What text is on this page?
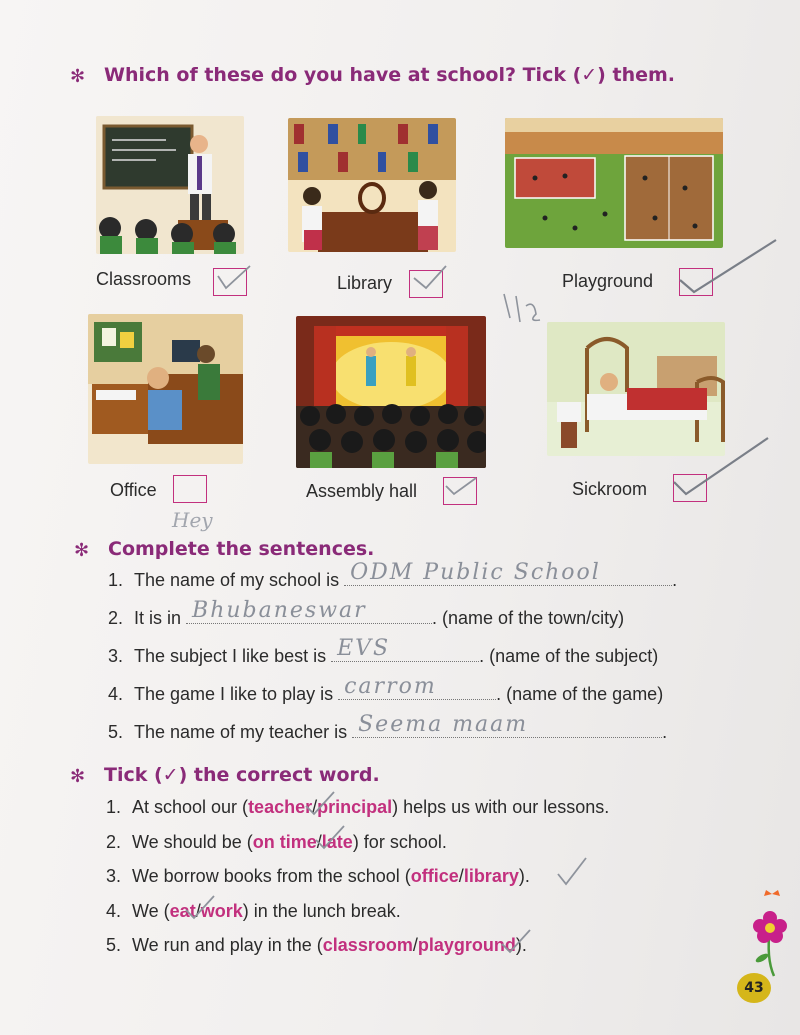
✻ Which of these do you have at school? Tick (✓) them.
Classrooms	Library	Playground
Office	Assembly hall	Sickroom
Hey
✻ Complete the sentences.
1. The name of my school is ODM Public School	.
2. It is in Bhubaneswar	. (name of the town/city)
3. The subject I like best is EVS	. (name of the subject)
4. The game I like to play is carrom	. (name of the game)
5. The name of my teacher is Seema maam	.
✻ Tick (✓) the correct word.
1. At school our (teacher/principal) helps us with our lessons.
2. We should be (on time/late) for school.
3. We borrow books from the school (office/library).
4. We (eat/work) in the lunch break.
5. We run and play in the (classroom/playground).
43
